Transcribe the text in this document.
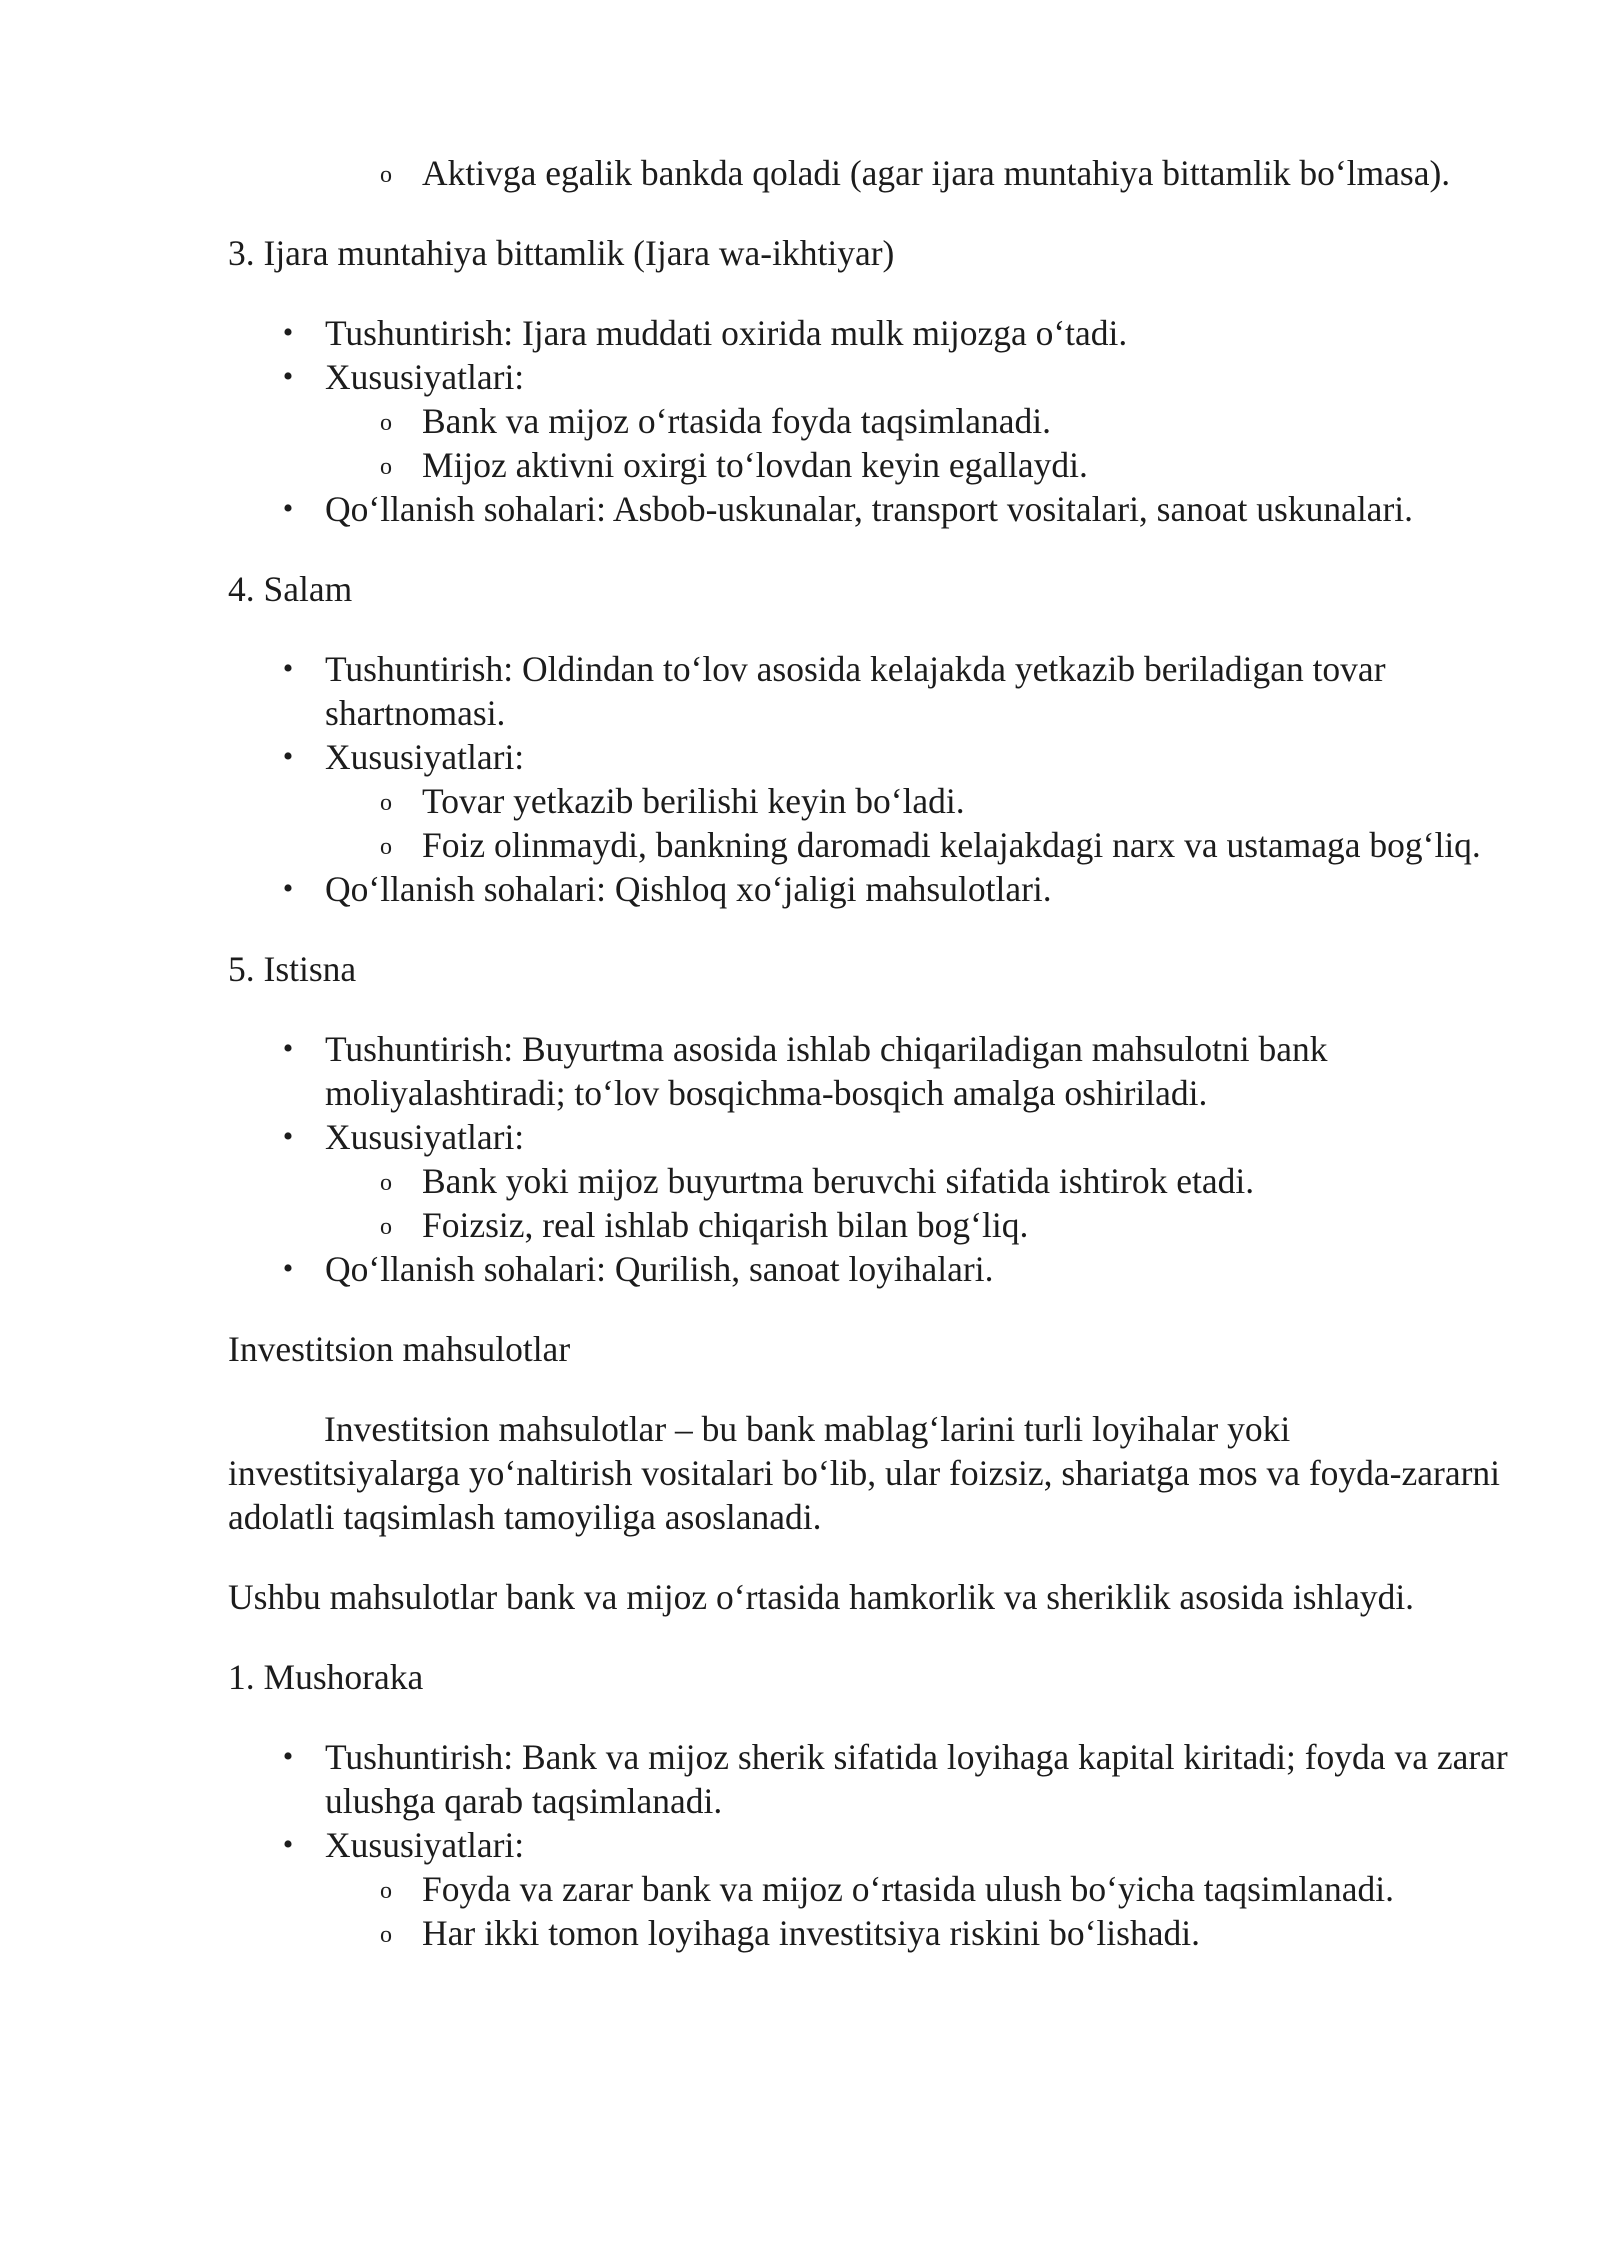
o Aktivga egalik bankda qoladi (agar ijara muntahiya bittamlik bo‘lmasa).

3. Ijara muntahiya bittamlik (Ijara wa-ikhtiyar)

• Tushuntirish: Ijara muddati oxirida mulk mijozga o‘tadi.
• Xususiyatlari:
o Bank va mijoz o‘rtasida foyda taqsimlanadi.
o Mijoz aktivni oxirgi to‘lovdan keyin egallaydi.
• Qo‘llanish sohalari: Asbob-uskunalar, transport vositalari, sanoat uskunalari.

4. Salam

• Tushuntirish: Oldindan to‘lov asosida kelajakda yetkazib beriladigan tovar shartnomasi.
• Xususiyatlari:
o Tovar yetkazib berilishi keyin bo‘ladi.
o Foiz olinmaydi, bankning daromadi kelajakdagi narx va ustamaga bog‘liq.
• Qo‘llanish sohalari: Qishloq xo‘jaligi mahsulotlari.

5. Istisna

• Tushuntirish: Buyurtma asosida ishlab chiqariladigan mahsulotni bank moliyalashtiradi; to‘lov bosqichma-bosqich amalga oshiriladi.
• Xususiyatlari:
o Bank yoki mijoz buyurtma beruvchi sifatida ishtirok etadi.
o Foizsiz, real ishlab chiqarish bilan bog‘liq.
• Qo‘llanish sohalari: Qurilish, sanoat loyihalari.

Investitsion mahsulotlar

Investitsion mahsulotlar – bu bank mablag‘larini turli loyihalar yoki investitsiyalarga yo‘naltirish vositalari bo‘lib, ular foizsiz, shariatga mos va foyda-zararni adolatli taqsimlash tamoyiliga asoslanadi.

Ushbu mahsulotlar bank va mijoz o‘rtasida hamkorlik va sheriklik asosida ishlaydi.

1. Mushoraka

• Tushuntirish: Bank va mijoz sherik sifatida loyihaga kapital kiritadi; foyda va zarar ulushga qarab taqsimlanadi.
• Xususiyatlari:
o Foyda va zarar bank va mijoz o‘rtasida ulush bo‘yicha taqsimlanadi.
o Har ikki tomon loyihaga investitsiya riskini bo‘lishadi.
